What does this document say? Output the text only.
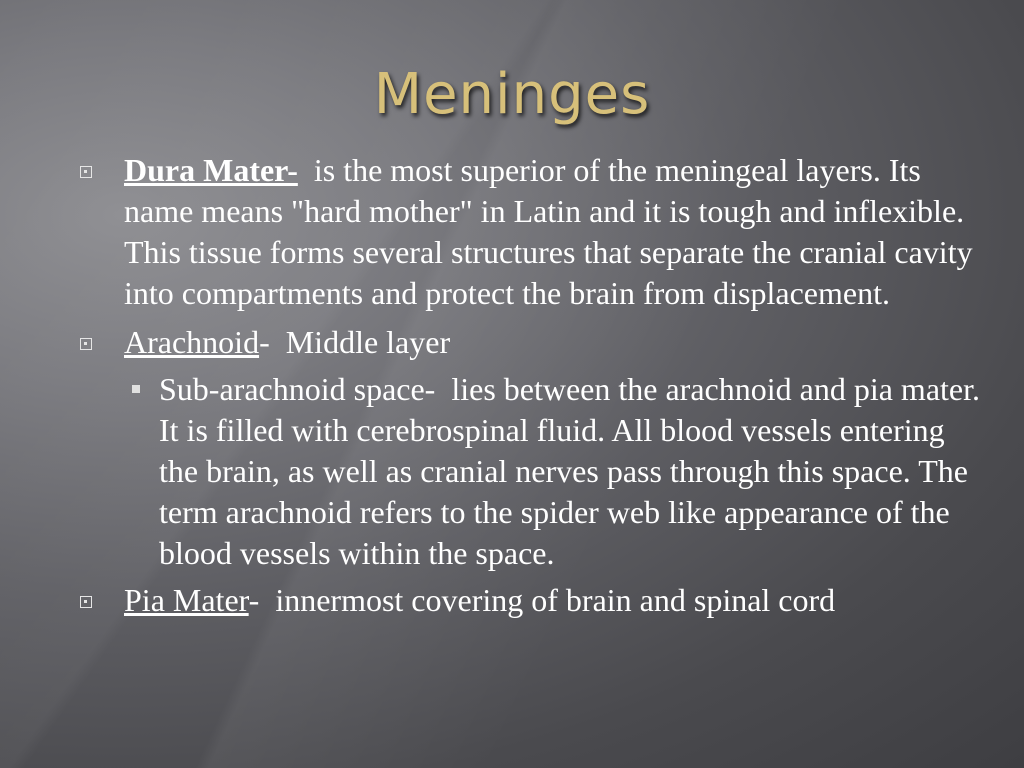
Meninges
Dura Mater-  is the most superior of the meningeal layers. Its name means "hard mother" in Latin and it is tough and inflexible. This tissue forms several structures that separate the cranial cavity into compartments and protect the brain from displacement.
Arachnoid-  Middle layer
Sub-arachnoid space-  lies between the arachnoid and pia mater. It is filled with cerebrospinal fluid. All blood vessels entering the brain, as well as cranial nerves pass through this space. The term arachnoid refers to the spider web like appearance of the blood vessels within the space.
Pia Mater-  innermost covering of brain and spinal cord
